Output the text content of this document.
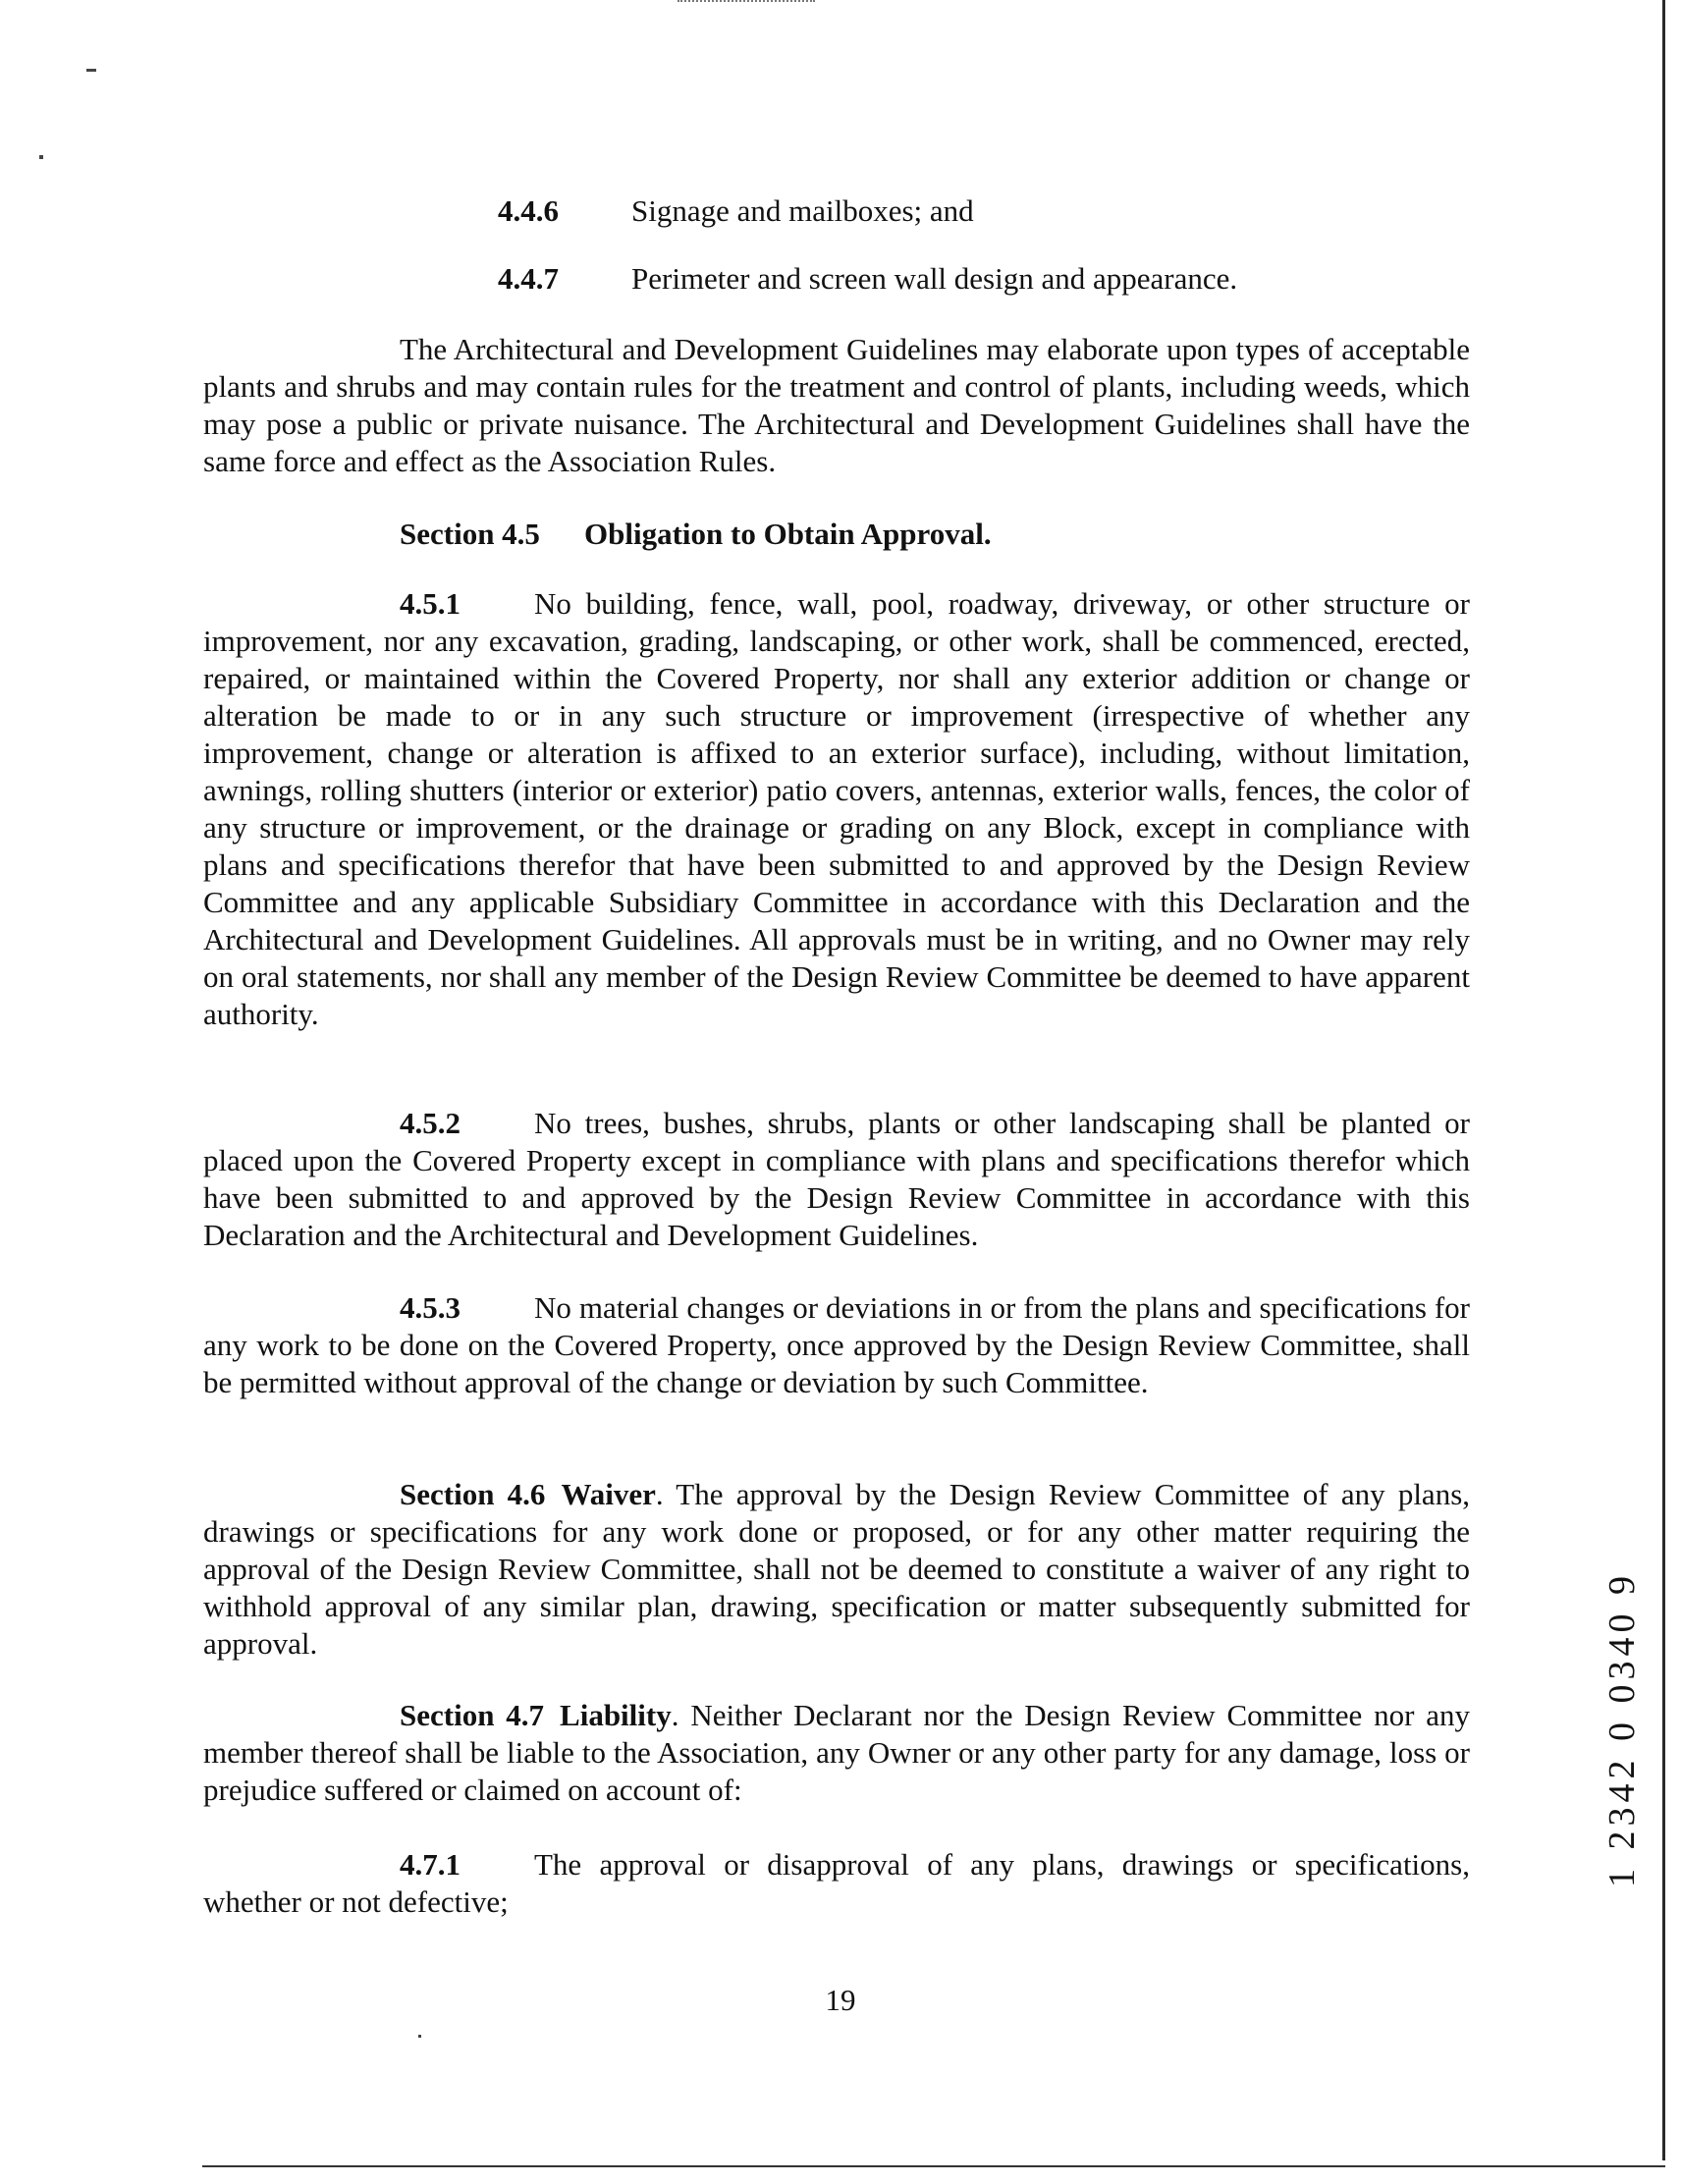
4.4.6 Signage and mailboxes; and
4.4.7 Perimeter and screen wall design and appearance.
The Architectural and Development Guidelines may elaborate upon types of acceptable plants and shrubs and may contain rules for the treatment and control of plants, including weeds, which may pose a public or private nuisance. The Architectural and Development Guidelines shall have the same force and effect as the Association Rules.
Section 4.5 Obligation to Obtain Approval.
4.5.1 No building, fence, wall, pool, roadway, driveway, or other structure or improvement, nor any excavation, grading, landscaping, or other work, shall be commenced, erected, repaired, or maintained within the Covered Property, nor shall any exterior addition or change or alteration be made to or in any such structure or improvement (irrespective of whether any improvement, change or alteration is affixed to an exterior surface), including, without limitation, awnings, rolling shutters (interior or exterior) patio covers, antennas, exterior walls, fences, the color of any structure or improvement, or the drainage or grading on any Block, except in compliance with plans and specifications therefor that have been submitted to and approved by the Design Review Committee and any applicable Subsidiary Committee in accordance with this Declaration and the Architectural and Development Guidelines. All approvals must be in writing, and no Owner may rely on oral statements, nor shall any member of the Design Review Committee be deemed to have apparent authority.
4.5.2 No trees, bushes, shrubs, plants or other landscaping shall be planted or placed upon the Covered Property except in compliance with plans and specifications therefor which have been submitted to and approved by the Design Review Committee in accordance with this Declaration and the Architectural and Development Guidelines.
4.5.3 No material changes or deviations in or from the plans and specifications for any work to be done on the Covered Property, once approved by the Design Review Committee, shall be permitted without approval of the change or deviation by such Committee.
Section 4.6 Waiver. The approval by the Design Review Committee of any plans, drawings or specifications for any work done or proposed, or for any other matter requiring the approval of the Design Review Committee, shall not be deemed to constitute a waiver of any right to withhold approval of any similar plan, drawing, specification or matter subsequently submitted for approval.
Section 4.7 Liability. Neither Declarant nor the Design Review Committee nor any member thereof shall be liable to the Association, any Owner or any other party for any damage, loss or prejudice suffered or claimed on account of:
4.7.1 The approval or disapproval of any plans, drawings or specifications, whether or not defective;
19
1 2342 0 0340 9
